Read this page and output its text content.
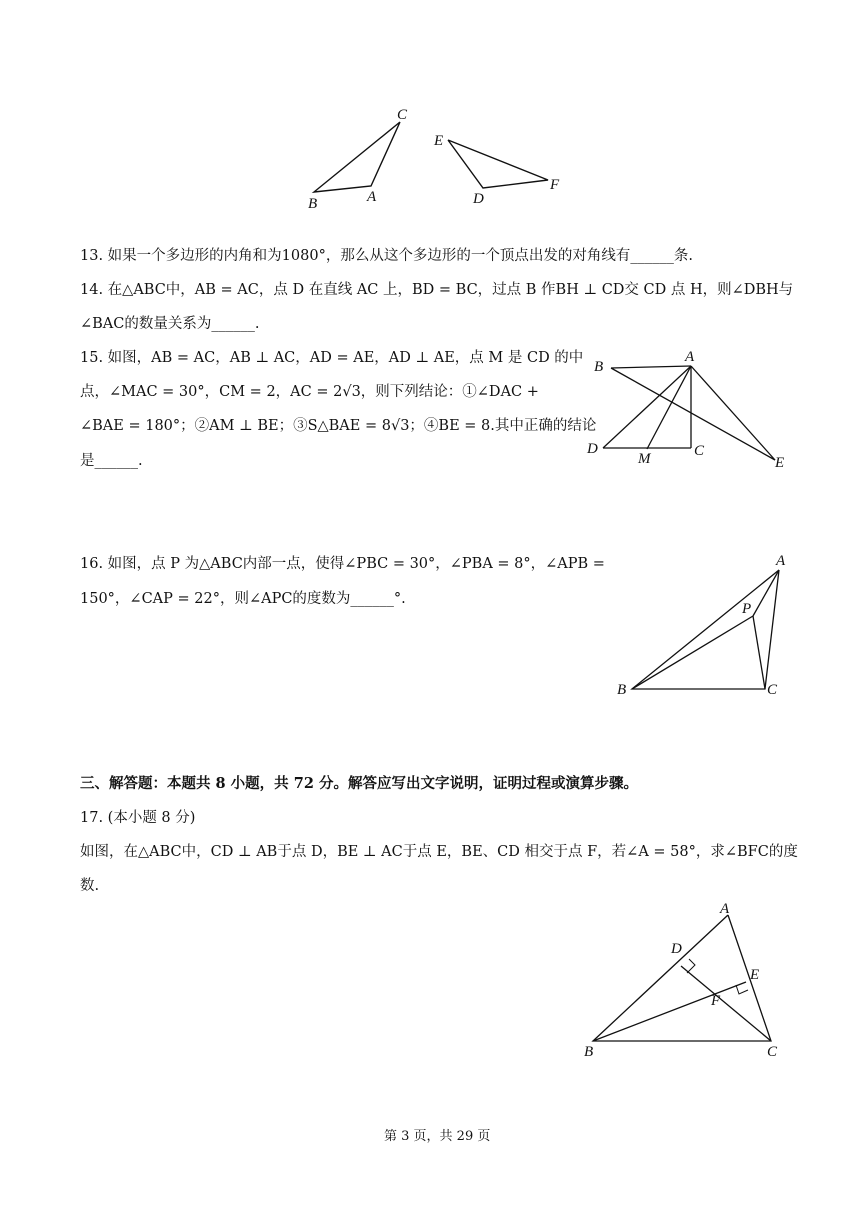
C
A
B
E
D
F
13. 如果一个多边形的内角和为1080°，那么从这个多边形的一个顶点出发的对角线有______条.
14. 在△ABC中，AB = AC，点 D 在直线 AC 上，BD = BC，过点 B 作BH ⊥ CD交 CD 点 H，则∠DBH与
∠BAC的数量关系为______.
15. 如图，AB = AC，AB ⊥ AC，AD = AE，AD ⊥ AE，点 M 是 CD 的中
点，∠MAC = 30°，CM = 2，AC = 2√3，则下列结论：①∠DAC +
∠BAE = 180°；②AM ⊥ BE；③S△BAE = 8√3；④BE = 8.其中正确的结论
是______.
B
A
D
M	C
E
16. 如图，点 P 为△ABC内部一点，使得∠PBC = 30°，∠PBA = 8°，∠APB =
150°，∠CAP = 22°，则∠APC的度数为______°.
A
P
B	C
三、解答题：本题共 8 小题，共 72 分。解答应写出文字说明，证明过程或演算步骤。
17. (本小题 8 分)
如图，在△ABC中，CD ⊥ AB于点 D，BE ⊥ AC于点 E，BE、CD 相交于点 F，若∠A = 58°，求∠BFC的度
数.
A
D
E
F
B	C
第 3 页，共 29 页
